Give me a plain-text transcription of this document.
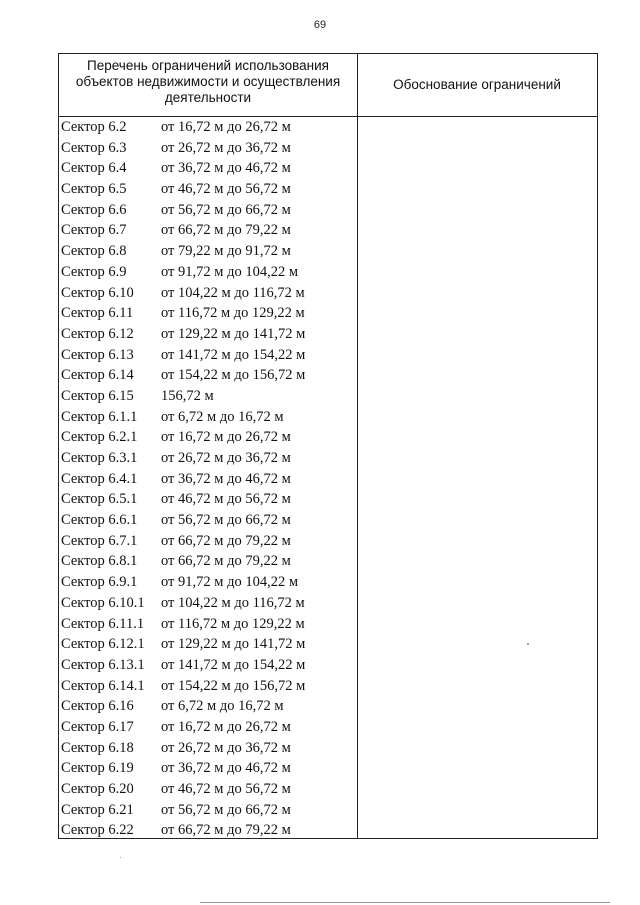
69
Перечень ограничений использования
объектов недвижимости и осуществления
деятельности
Обоснование ограничений
Сектор 6.2 от 16,72 м до 26,72 м
Сектор 6.3 от 26,72 м до 36,72 м
Сектор 6.4 от 36,72 м до 46,72 м
Сектор 6.5 от 46,72 м до 56,72 м
Сектор 6.6 от 56,72 м до 66,72 м
Сектор 6.7 от 66,72 м до 79,22 м
Сектор 6.8 от 79,22 м до 91,72 м
Сектор 6.9 от 91,72 м до 104,22 м
Сектор 6.10 от 104,22 м до 116,72 м
Сектор 6.11 от 116,72 м до 129,22 м
Сектор 6.12 от 129,22 м до 141,72 м
Сектор 6.13 от 141,72 м до 154,22 м
Сектор 6.14 от 154,22 м до 156,72 м
Сектор 6.15 156,72 м
Сектор 6.1.1 от 6,72 м до 16,72 м
Сектор 6.2.1 от 16,72 м до 26,72 м
Сектор 6.3.1 от 26,72 м до 36,72 м
Сектор 6.4.1 от 36,72 м до 46,72 м
Сектор 6.5.1 от 46,72 м до 56,72 м
Сектор 6.6.1 от 56,72 м до 66,72 м
Сектор 6.7.1 от 66,72 м до 79,22 м
Сектор 6.8.1 от 66,72 м до 79,22 м
Сектор 6.9.1 от 91,72 м до 104,22 м
Сектор 6.10.1 от 104,22 м до 116,72 м
Сектор 6.11.1 от 116,72 м до 129,22 м
Сектор 6.12.1 от 129,22 м до 141,72 м
Сектор 6.13.1 от 141,72 м до 154,22 м
Сектор 6.14.1 от 154,22 м до 156,72 м
Сектор 6.16 от 6,72 м до 16,72 м
Сектор 6.17 от 16,72 м до 26,72 м
Сектор 6.18 от 26,72 м до 36,72 м
Сектор 6.19 от 36,72 м до 46,72 м
Сектор 6.20 от 46,72 м до 56,72 м
Сектор 6.21 от 56,72 м до 66,72 м
Сектор 6.22 от 66,72 м до 79,22 м
